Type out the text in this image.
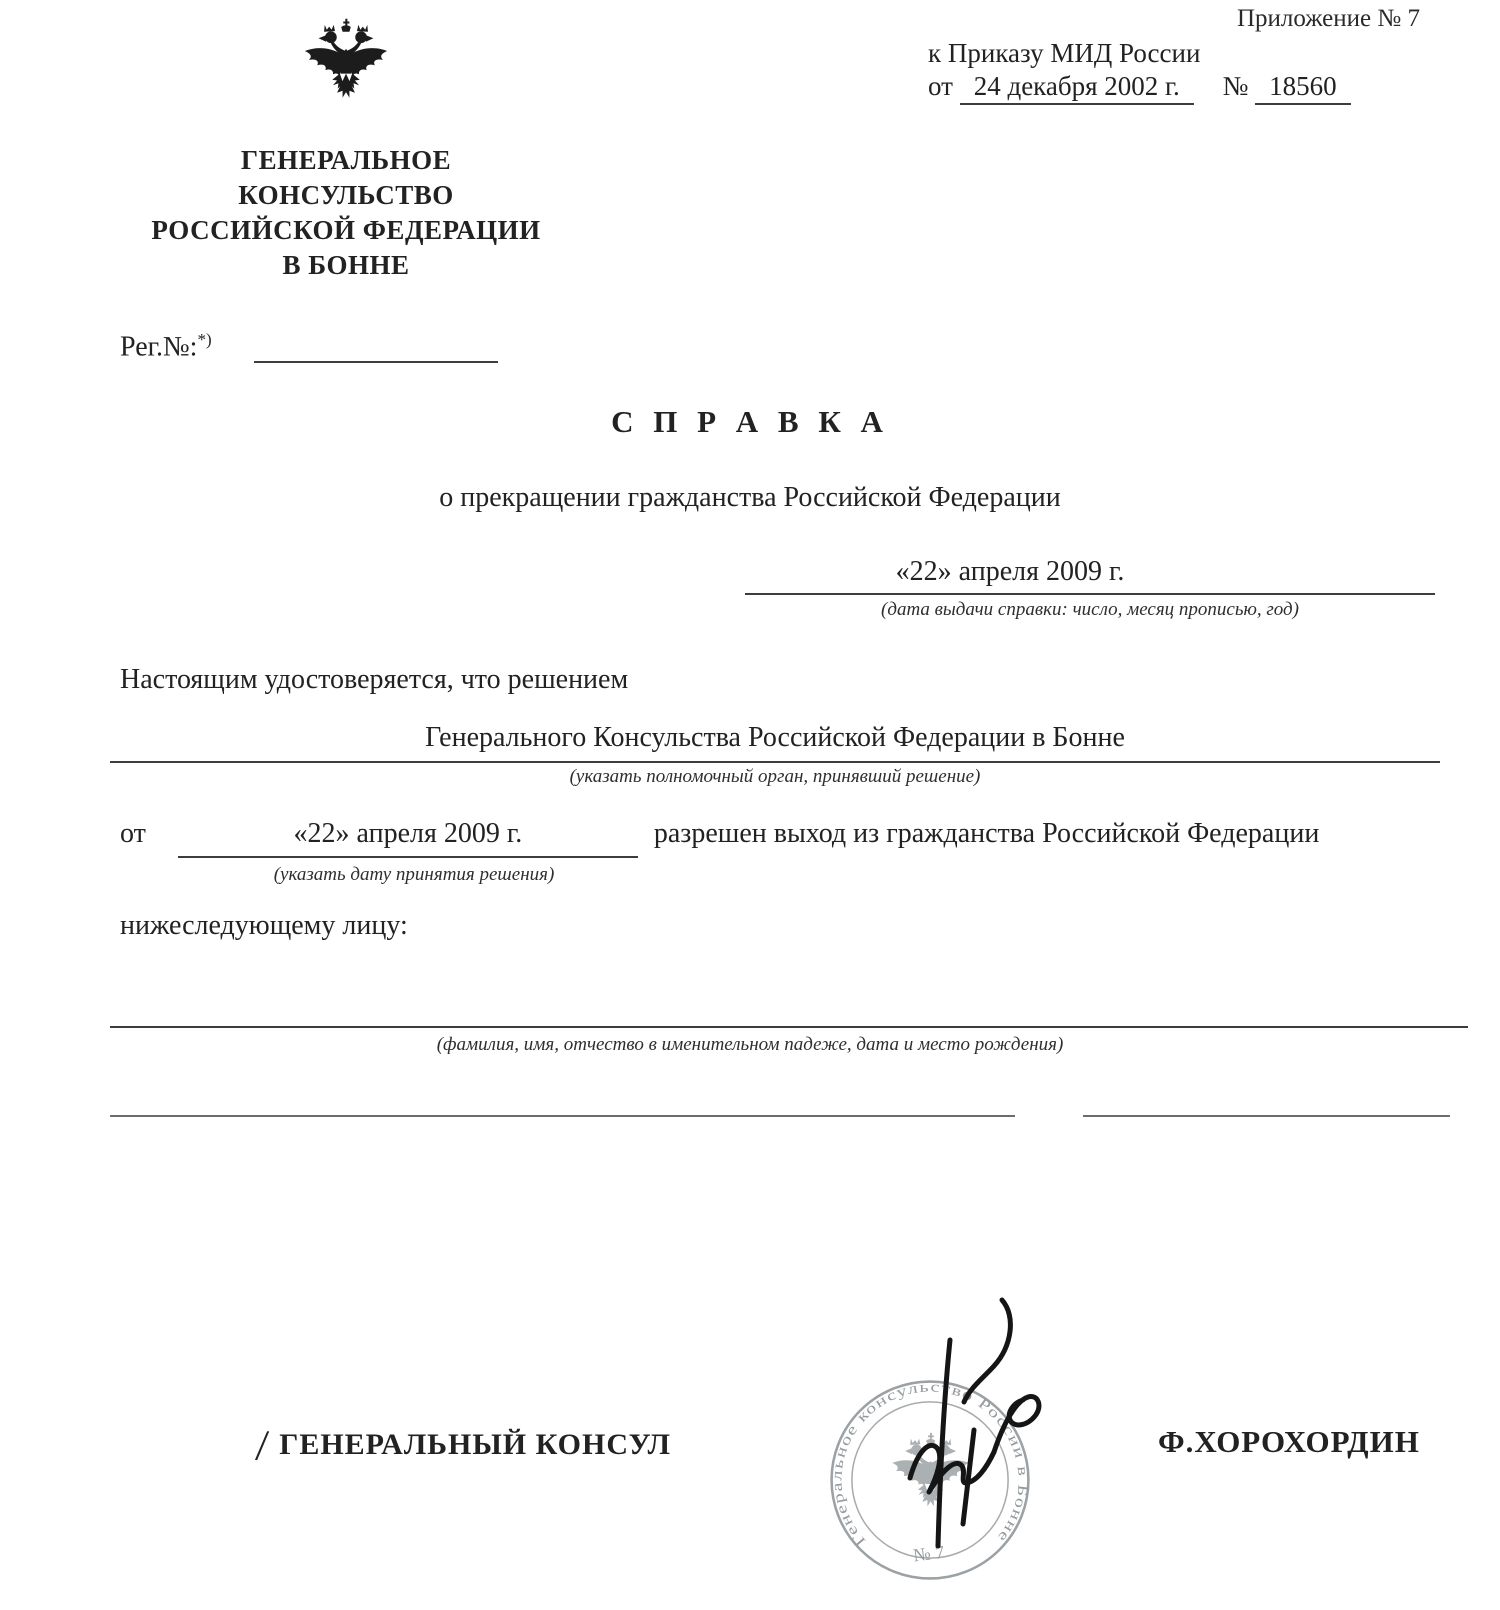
ГЕНЕРАЛЬНОЕ
КОНСУЛЬСТВО
РОССИЙСКОЙ ФЕДЕРАЦИИ
В БОННЕ
Приложение № 7
к Приказу МИД России
от 24 декабря 2002 г. № 18560
Рег.№:*)
С П Р А В К А
о прекращении гражданства Российской Федерации
«22» апреля 2009 г.
(дата выдачи справки: число, месяц прописью, год)
Настоящим удостоверяется, что решением
Генерального Консульства Российской Федерации в Бонне
(указать полномочный орган, принявший решение)
от	«22» апреля 2009 г.	разрешен выход из гражданства Российской Федерации
(указать дату принятия решения)
нижеследующему лицу:
(фамилия, имя, отчество в именительном падеже, дата и место рождения)
/ ГЕНЕРАЛЬНЫЙ КОНСУЛ
Генеральное консульство России в Бонне
№ 7
Ф.ХОРОХОРДИН
